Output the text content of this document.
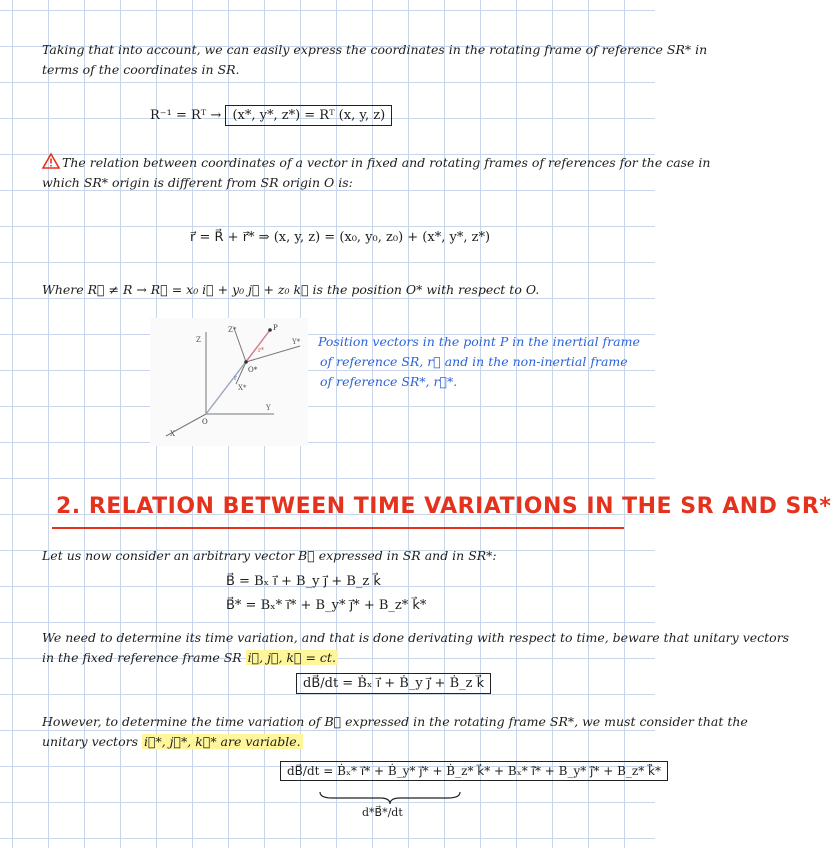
Taking that into account, we can easily express the coordinates in the rotating frame of reference SR* in
terms of the coordinates in SR.
R⁻¹ = Rᵀ → (x*, y*, z*) = Rᵀ (x, y, z)
The relation between coordinates of a vector in fixed and rotating frames of references for the case in
which SR* origin is different from SR origin O is:
r⃗ = R⃗ + r⃗* ⇒ (x, y, z) = (x₀, y₀, z₀) + (x*, y*, z*)
Where R⃗ ≠ R → R⃗ = x₀ i⃗ + y₀ j⃗ + z₀ k⃗ is the position O* with respect to O.
Z
Z*	P
O*
Y*
X*
O
Y
X
r*
r
Position vectors in the point P in the inertial frame
of reference SR, r⃗ and in the non-inertial frame
of reference SR*, r⃗*.
2. RELATION BETWEEN TIME VARIATIONS IN THE SR AND SR*
Let us now consider an arbitrary vector B⃗ expressed in SR and in SR*:
B⃗ = Bₓ i⃗ + B_y j⃗ + B_z k⃗
B⃗* = Bₓ* i⃗* + B_y* j⃗* + B_z* k⃗*
We need to determine its time variation, and that is done derivating with respect to time, beware that unitary vectors
in the fixed reference frame SR i⃗, j⃗, k⃗ = ct.
dB⃗/dt = Ḃₓ i⃗ + Ḃ_y j⃗ + Ḃ_z k⃗
However, to determine the time variation of B⃗ expressed in the rotating frame SR*, we must consider that the
unitary vectors i⃗*, j⃗*, k⃗* are variable.
dB⃗/dt = Ḃₓ* i⃗* + Ḃ_y* j⃗* + Ḃ_z* k⃗* + Bₓ* i⃗̇* + B_y* j⃗̇* + B_z* k⃗̇*
d*B⃗*/dt
